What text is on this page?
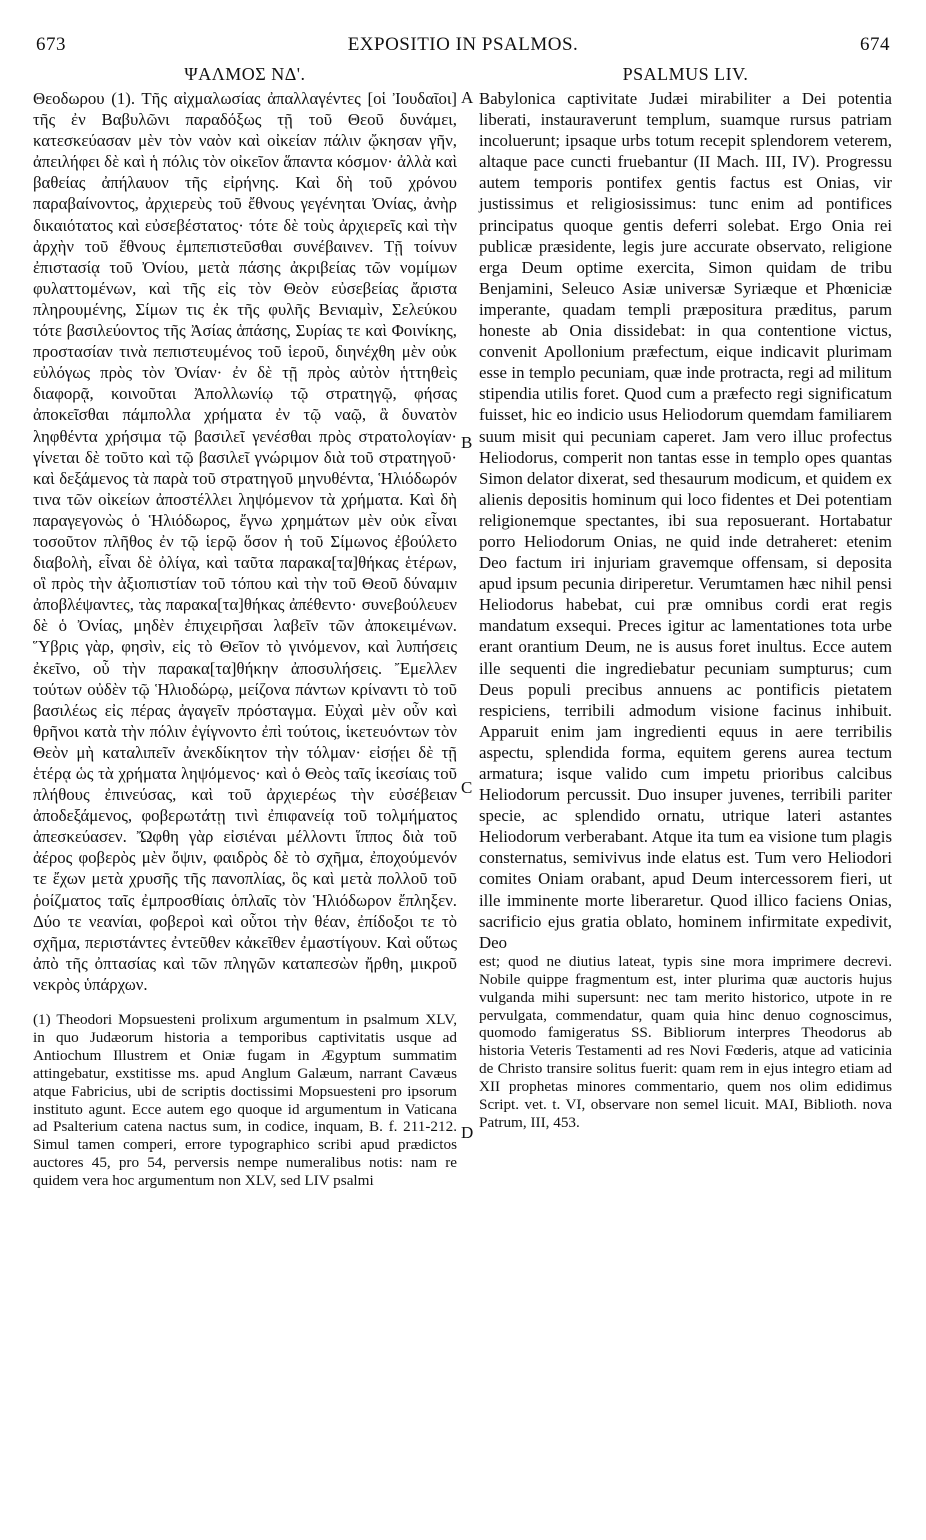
673	EXPOSITIO IN PSALMOS.	674
ΨΑΛΜΟΣ ΝΔ'.

Θεοδωρου (1). Τῆς αἰχμαλωσίας ἀπαλλαγέντες [οἱ Ἰουδαῖοι] τῆς ἐν Βαβυλῶνι παραδόξως τῇ τοῦ Θεοῦ δυνάμει, κατεσκεύασαν μὲν τὸν ναὸν καὶ οἰκείαν πάλιν ᾤκησαν γῆν, ἀπειλήφει δὲ καὶ ἡ πόλις τὸν οἰκεῖον ἅπαντα κόσμον· ἀλλὰ καὶ βαθείας ἀπήλαυον τῆς εἰρήνης. Καὶ δὴ τοῦ χρόνου παραβαίνοντος, ἀρχιερεὺς τοῦ ἔθνους γεγένηται Ὀνίας, ἀνὴρ δικαιότατος καὶ εὐσεβέστατος· τότε δὲ τοὺς ἀρχιερεῖς καὶ τὴν ἀρχὴν τοῦ ἔθνους ἐμπεπιστεῦσθαι συνέβαινεν. Τῇ τοίνυν ἐπιστασίᾳ τοῦ Ὀνίου, μετὰ πάσης ἀκριβείας τῶν νομίμων φυλαττομένων, καὶ τῆς εἰς τὸν Θεὸν εὐσεβείας ἄριστα πληρουμένης, Σίμων τις ἐκ τῆς φυλῆς Βενιαμὶν, Σελεύκου τότε βασιλεύοντος τῆς Ἀσίας ἁπάσης, Συρίας τε καὶ Φοινίκης, προστασίαν τινὰ πεπιστευμένος τοῦ ἱεροῦ, διηνέχθη μὲν οὐκ εὐλόγως πρὸς τὸν Ὀνίαν· ἐν δὲ τῇ πρὸς αὐτὸν ἡττηθεὶς διαφορᾷ, κοινοῦται Ἀπολλωνίῳ τῷ στρατηγῷ, φήσας ἀποκεῖσθαι πάμπολλα χρήματα ἐν τῷ ναῷ, ἃ δυνατὸν ληφθέντα χρήσιμα τῷ βασιλεῖ γενέσθαι πρὸς στρατολογίαν· γίνεται δὲ τοῦτο καὶ τῷ βασιλεῖ γνώριμον διὰ τοῦ στρατηγοῦ· καὶ δεξάμενος τὰ παρὰ τοῦ στρατηγοῦ μηνυθέντα, Ἡλιόδωρόν τινα τῶν οἰκείων ἀποστέλλει ληψόμενον τὰ χρήματα. Καὶ δὴ παραγεγονὼς ὁ Ἡλιόδωρος, ἔγνω χρημάτων μὲν οὐκ εἶναι τοσοῦτον πλῆθος ἐν τῷ ἱερῷ ὅσον ἡ τοῦ Σίμωνος ἐβούλετο διαβολὴ, εἶναι δὲ ὀλίγα, καὶ ταῦτα παρακα[τα]θήκας ἑτέρων, οἳ πρὸς τὴν ἀξιοπιστίαν τοῦ τόπου καὶ τὴν τοῦ Θεοῦ δύναμιν ἀποβλέψαντες, τὰς παρακα[τα]θήκας ἀπέθεντο· συνεβούλευεν δὲ ὁ Ὀνίας, μηδὲν ἐπιχειρῆσαι λαβεῖν τῶν ἀποκειμένων. Ὕβρις γὰρ, φησὶν, εἰς τὸ Θεῖον τὸ γινόμενον, καὶ λυπήσεις ἐκεῖνο, οὗ τὴν παρακα[τα]θήκην ἀποσυλήσεις. Ἔμελλεν τούτων οὐδὲν τῷ Ἡλιοδώρῳ, μείζονα πάντων κρίναντι τὸ τοῦ βασιλέως εἰς πέρας ἀγαγεῖν πρόσταγμα. Εὐχαὶ μὲν οὖν καὶ θρῆνοι κατὰ τὴν πόλιν ἐγίγνοντο ἐπὶ τούτοις, ἱκετευόντων τὸν Θεὸν μὴ καταλιπεῖν ἀνεκδίκητον τὴν τόλμαν· εἰσῄει δὲ τῇ ἑτέρᾳ ὡς τὰ χρήματα ληψόμενος· καὶ ὁ Θεὸς ταῖς ἱκεσίαις τοῦ πλήθους ἐπινεύσας, καὶ τοῦ ἀρχιερέως τὴν εὐσέβειαν ἀποδεξάμενος, φοβερωτάτῃ τινὶ ἐπιφανείᾳ τοῦ τολμήματος ἀπεσκεύασεν. Ὤφθη γὰρ εἰσιέναι μέλλοντι ἵππος διὰ τοῦ ἀέρος φοβερὸς μὲν ὄψιν, φαιδρὸς δὲ τὸ σχῆμα, ἐποχούμενόν τε ἔχων μετὰ χρυσῆς τῆς πανοπλίας, ὃς καὶ μετὰ πολλοῦ τοῦ ῥοίζματος ταῖς ἐμπροσθίαις ὁπλαῖς τὸν Ἡλιόδωρον ἔπληξεν. Δύο τε νεανίαι, φοβεροὶ καὶ οὗτοι τὴν θέαν, ἐπίδοξοι τε τὸ σχῆμα, περιστάντες ἐντεῦθεν κἀκεῖθεν ἐμαστίγουν. Καὶ οὕτως ἀπὸ τῆς ὀπτασίας καὶ τῶν πληγῶν καταπεσὼν ἤρθη, μικροῦ νεκρὸς ὑπάρχων.

(1) Theodori Mopsuesteni prolixum argumentum in psalmum XLV, in quo Judæorum historia a temporibus captivitatis usque ad Antiochum Illustrem et Oniæ fugam in Ægyptum summatim attingebatur, exstitisse ms. apud Anglum Galæum, narrant Cavæus atque Fabricius, ubi de scriptis doctissimi Mopsuesteni pro ipsorum instituto agunt. Ecce autem ego quoque id argumentum in Vaticana ad Psalterium catena nactus sum, in codice, inquam, B. f. 211-212. Simul tamen comperi, errore typographico scribi apud prædictos auctores 45, pro 54, perversis nempe numeralibus notis: nam re quidem vera hoc argumentum non XLV, sed LIV psalmi

PSALMUS LIV.

Babylonica captivitate Judæi mirabiliter a Dei potentia liberati, instauraverunt templum, suamque rursus patriam incoluerunt; ipsaque urbs totum recepit splendorem veterem, altaque pace cuncti fruebantur (II Mach. III, IV). Progressu autem temporis pontifex gentis factus est Onias, vir justissimus et religiosissimus: tunc enim ad pontifices principatus quoque gentis deferri solebat. Ergo Onia rei publicæ præsidente, legis jure accurate observato, religione erga Deum optime exercita, Simon quidam de tribu Benjamini, Seleuco Asiæ universæ Syriæque et Phœniciæ imperante, quadam templi præpositura præditus, parum honeste ab Onia dissidebat: in qua contentione victus, convenit Apollonium præfectum, eique indicavit plurimam esse in templo pecuniam, quæ inde protracta, regi ad militum stipendia utilis foret. Quod cum a præfecto regi significatum fuisset, hic eo indicio usus Heliodorum quemdam familiarem suum misit qui pecuniam caperet. Jam vero illuc profectus Heliodorus, comperit non tantas esse in templo opes quantas Simon delator dixerat, sed thesaurum modicum, et quidem ex alienis depositis hominum qui loco fidentes et Dei potentiam religionemque spectantes, ibi sua reposuerant. Hortabatur porro Heliodorum Onias, ne quid inde detraheret: etenim Deo factum iri injuriam gravemque offensam, si deposita apud ipsum pecunia diriperetur. Verumtamen hæc nihil pensi Heliodorus habebat, cui præ omnibus cordi erat regis mandatum exsequi. Preces igitur ac lamentationes tota urbe erant orantium Deum, ne is ausus foret inultus. Ecce autem ille sequenti die ingrediebatur pecuniam sumpturus; cum Deus populi precibus annuens ac pontificis pietatem respiciens, terribili admodum visione facinus inhibuit. Apparuit enim jam ingredienti equus in aere terribilis aspectu, splendida forma, equitem gerens aurea tectum armatura; isque valido cum impetu prioribus calcibus Heliodorum percussit. Duo insuper juvenes, terribili pariter specie, ac splendido ornatu, utrique lateri astantes Heliodorum verberabant. Atque ita tum ea visione tum plagis consternatus, semivivus inde elatus est. Tum vero Heliodori comites Oniam orabant, apud Deum intercessorem fieri, ut ille imminente morte liberaretur. Quod illico faciens Onias, sacrificio ejus gratia oblato, hominem infirmitate expedivit, Deo

est; quod ne diutius lateat, typis sine mora imprimere decrevi. Nobile quippe fragmentum est, inter plurima quæ auctoris hujus vulganda mihi supersunt: nec tam merito historico, utpote in re pervulgata, commendatur, quam quia hinc denuo cognoscimus, quomodo famigeratus SS. Bibliorum interpres Theodorus ab historia Veteris Testamenti ad res Novi Fœderis, atque ad vaticinia de Christo transire solitus fuerit: quam rem in ejus integro etiam ad XII prophetas minores commentario, quem nos olim edidimus Script. vet. t. VI, observare non semel licuit. MAI, Biblioth. nova Patrum, III, 453.

A
B
C
D
